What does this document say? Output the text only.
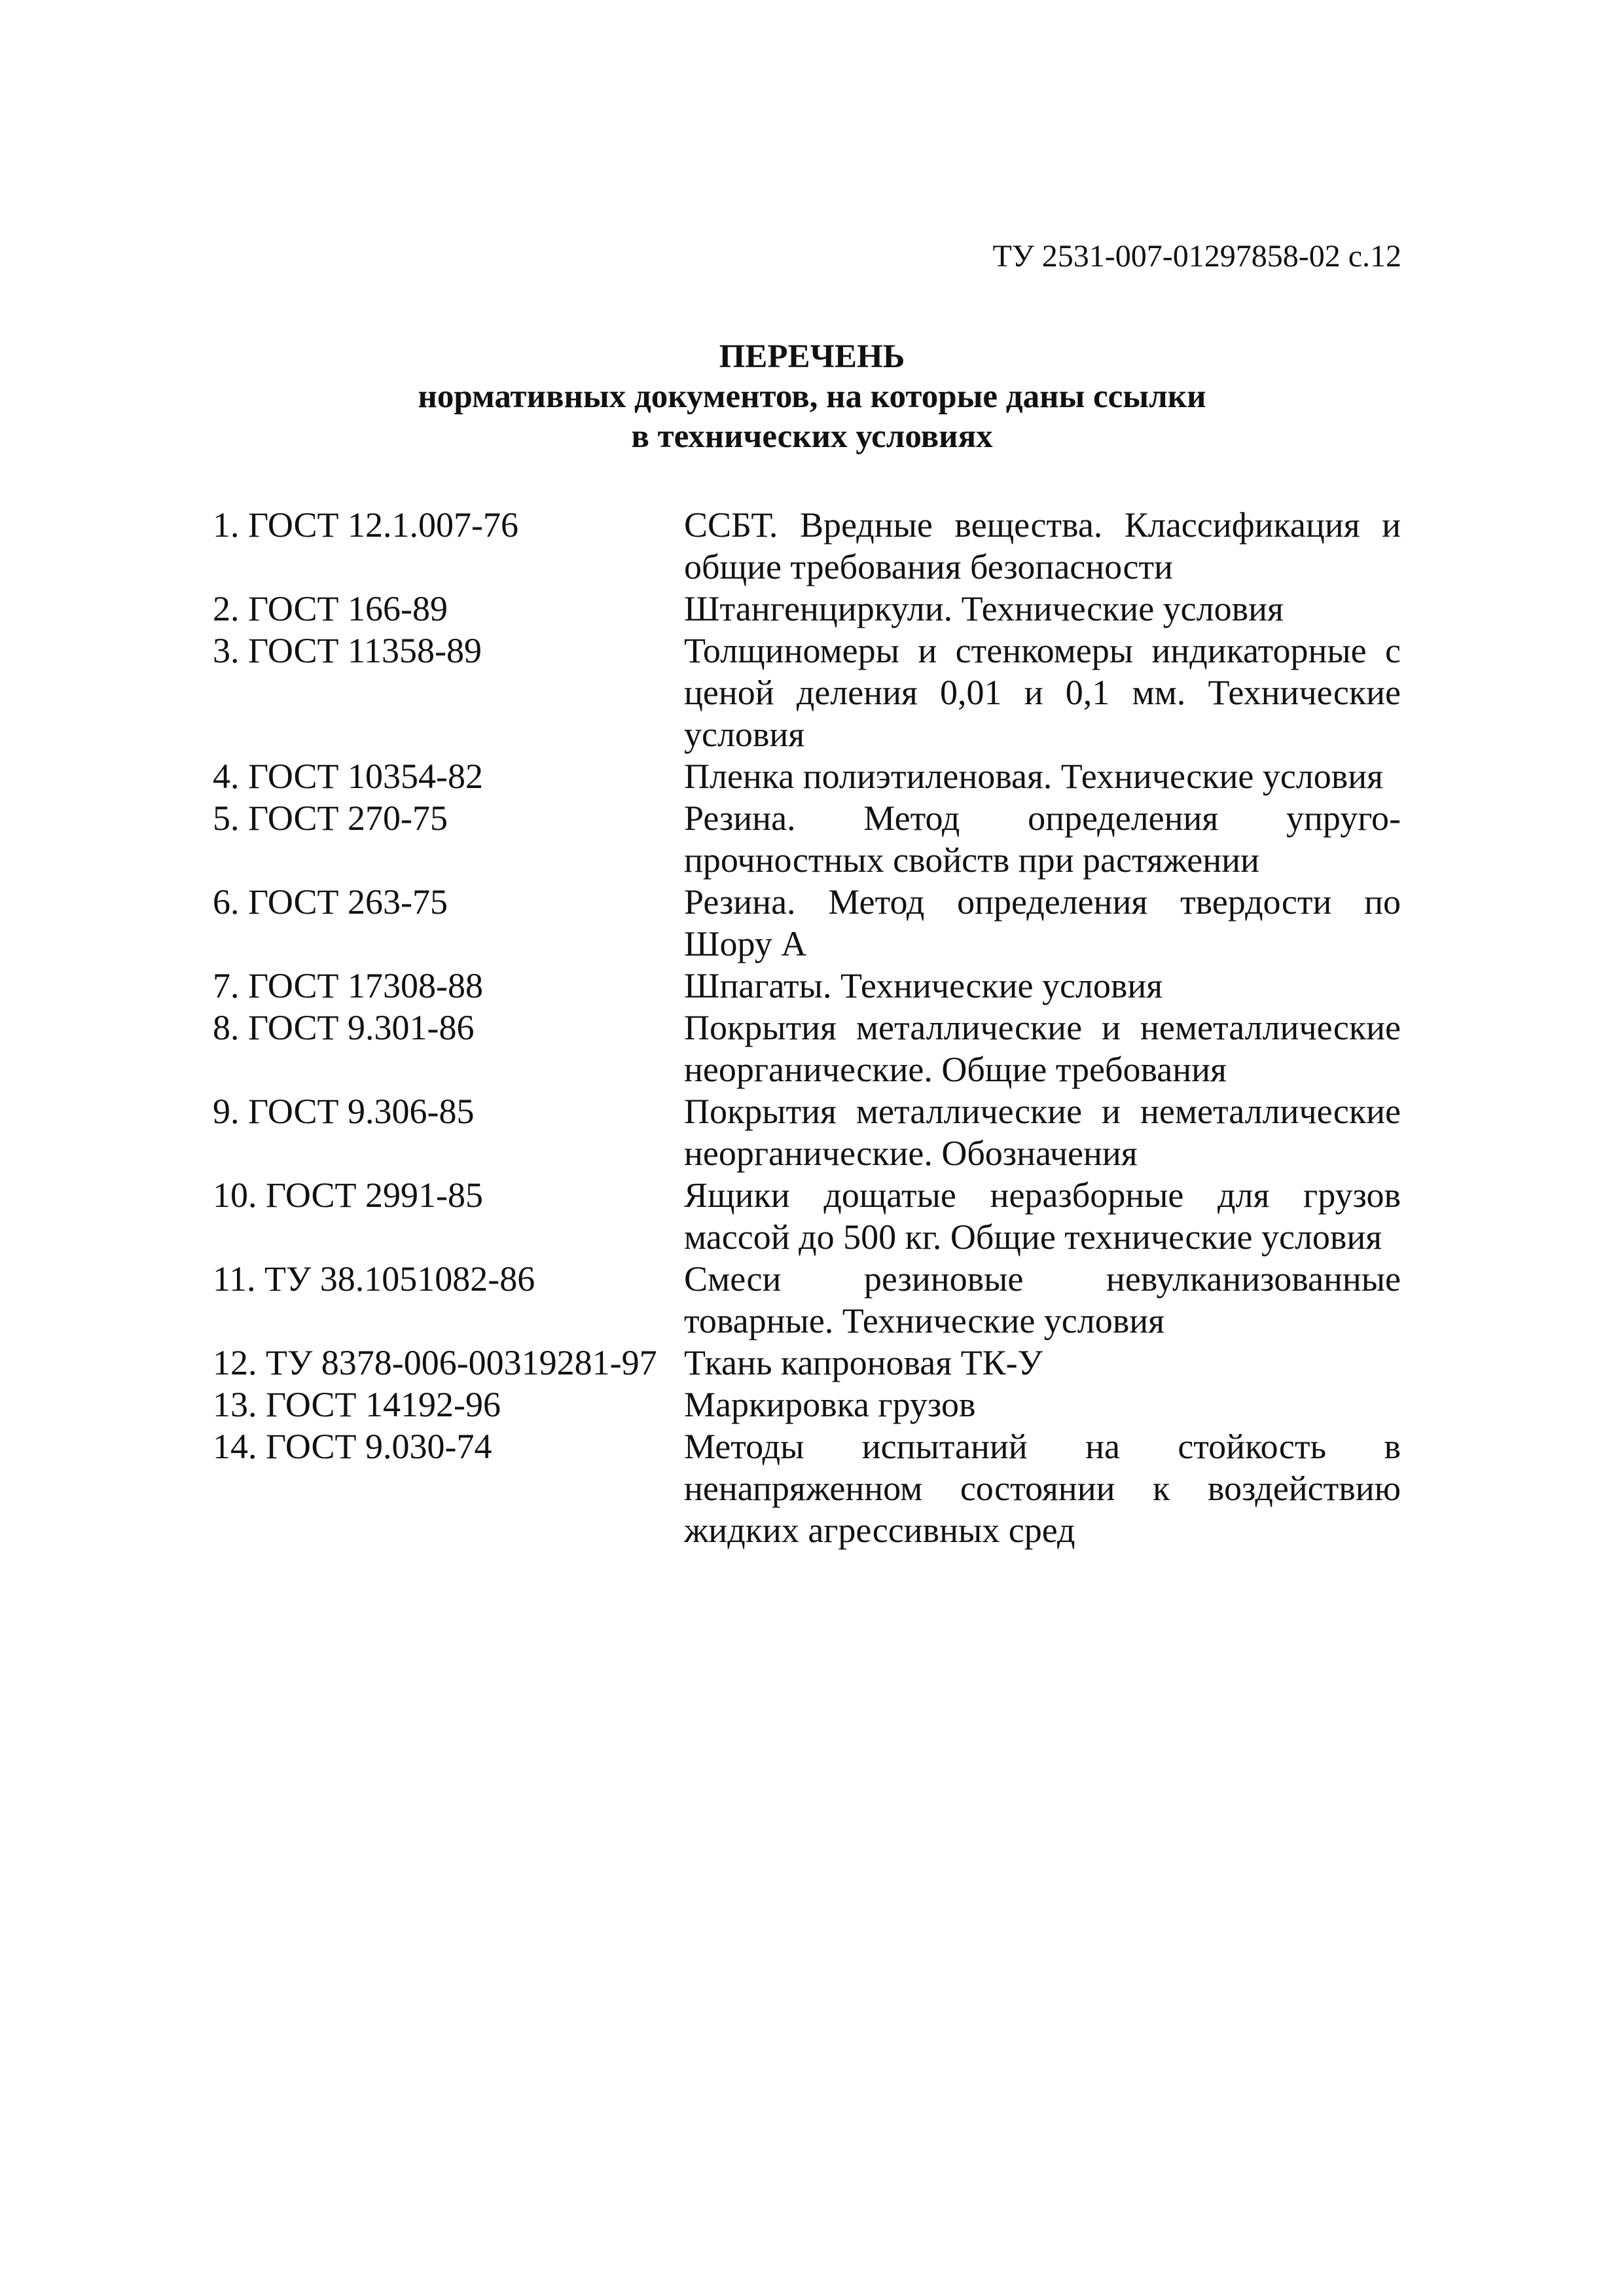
ТУ 2531-007-01297858-02 с.12
ПЕРЕЧЕНЬ
нормативных документов, на которые даны ссылки
в технических условиях
1. ГОСТ 12.1.007-76	ССБТ. Вредные вещества. Классификация и общие требования безопасности
2. ГОСТ 166-89	Штангенциркули. Технические условия
3. ГОСТ 11358-89	Толщиномеры и стенкомеры индикаторные с ценой деления 0,01 и 0,1 мм. Технические условия
4. ГОСТ 10354-82	Пленка полиэтиленовая. Технические условия
5. ГОСТ 270-75	Резина. Метод определения упруго-прочностных свойств при растяжении
6. ГОСТ 263-75	Резина. Метод определения твердости по Шору А
7. ГОСТ 17308-88	Шпагаты. Технические условия
8. ГОСТ 9.301-86	Покрытия металлические и неметаллические неорганические. Общие требования
9. ГОСТ 9.306-85	Покрытия металлические и неметаллические неорганические. Обозначения
10. ГОСТ 2991-85	Ящики дощатые неразборные для грузов массой до 500 кг. Общие технические условия
11. ТУ 38.1051082-86	Смеси резиновые невулканизованные товарные. Технические условия
12. ТУ 8378-006-00319281-97 Ткань капроновая ТК-У
13. ГОСТ 14192-96	Маркировка грузов
14. ГОСТ 9.030-74	Методы испытаний на стойкость в ненапряженном состоянии к воздействию жидких агрессивных сред
